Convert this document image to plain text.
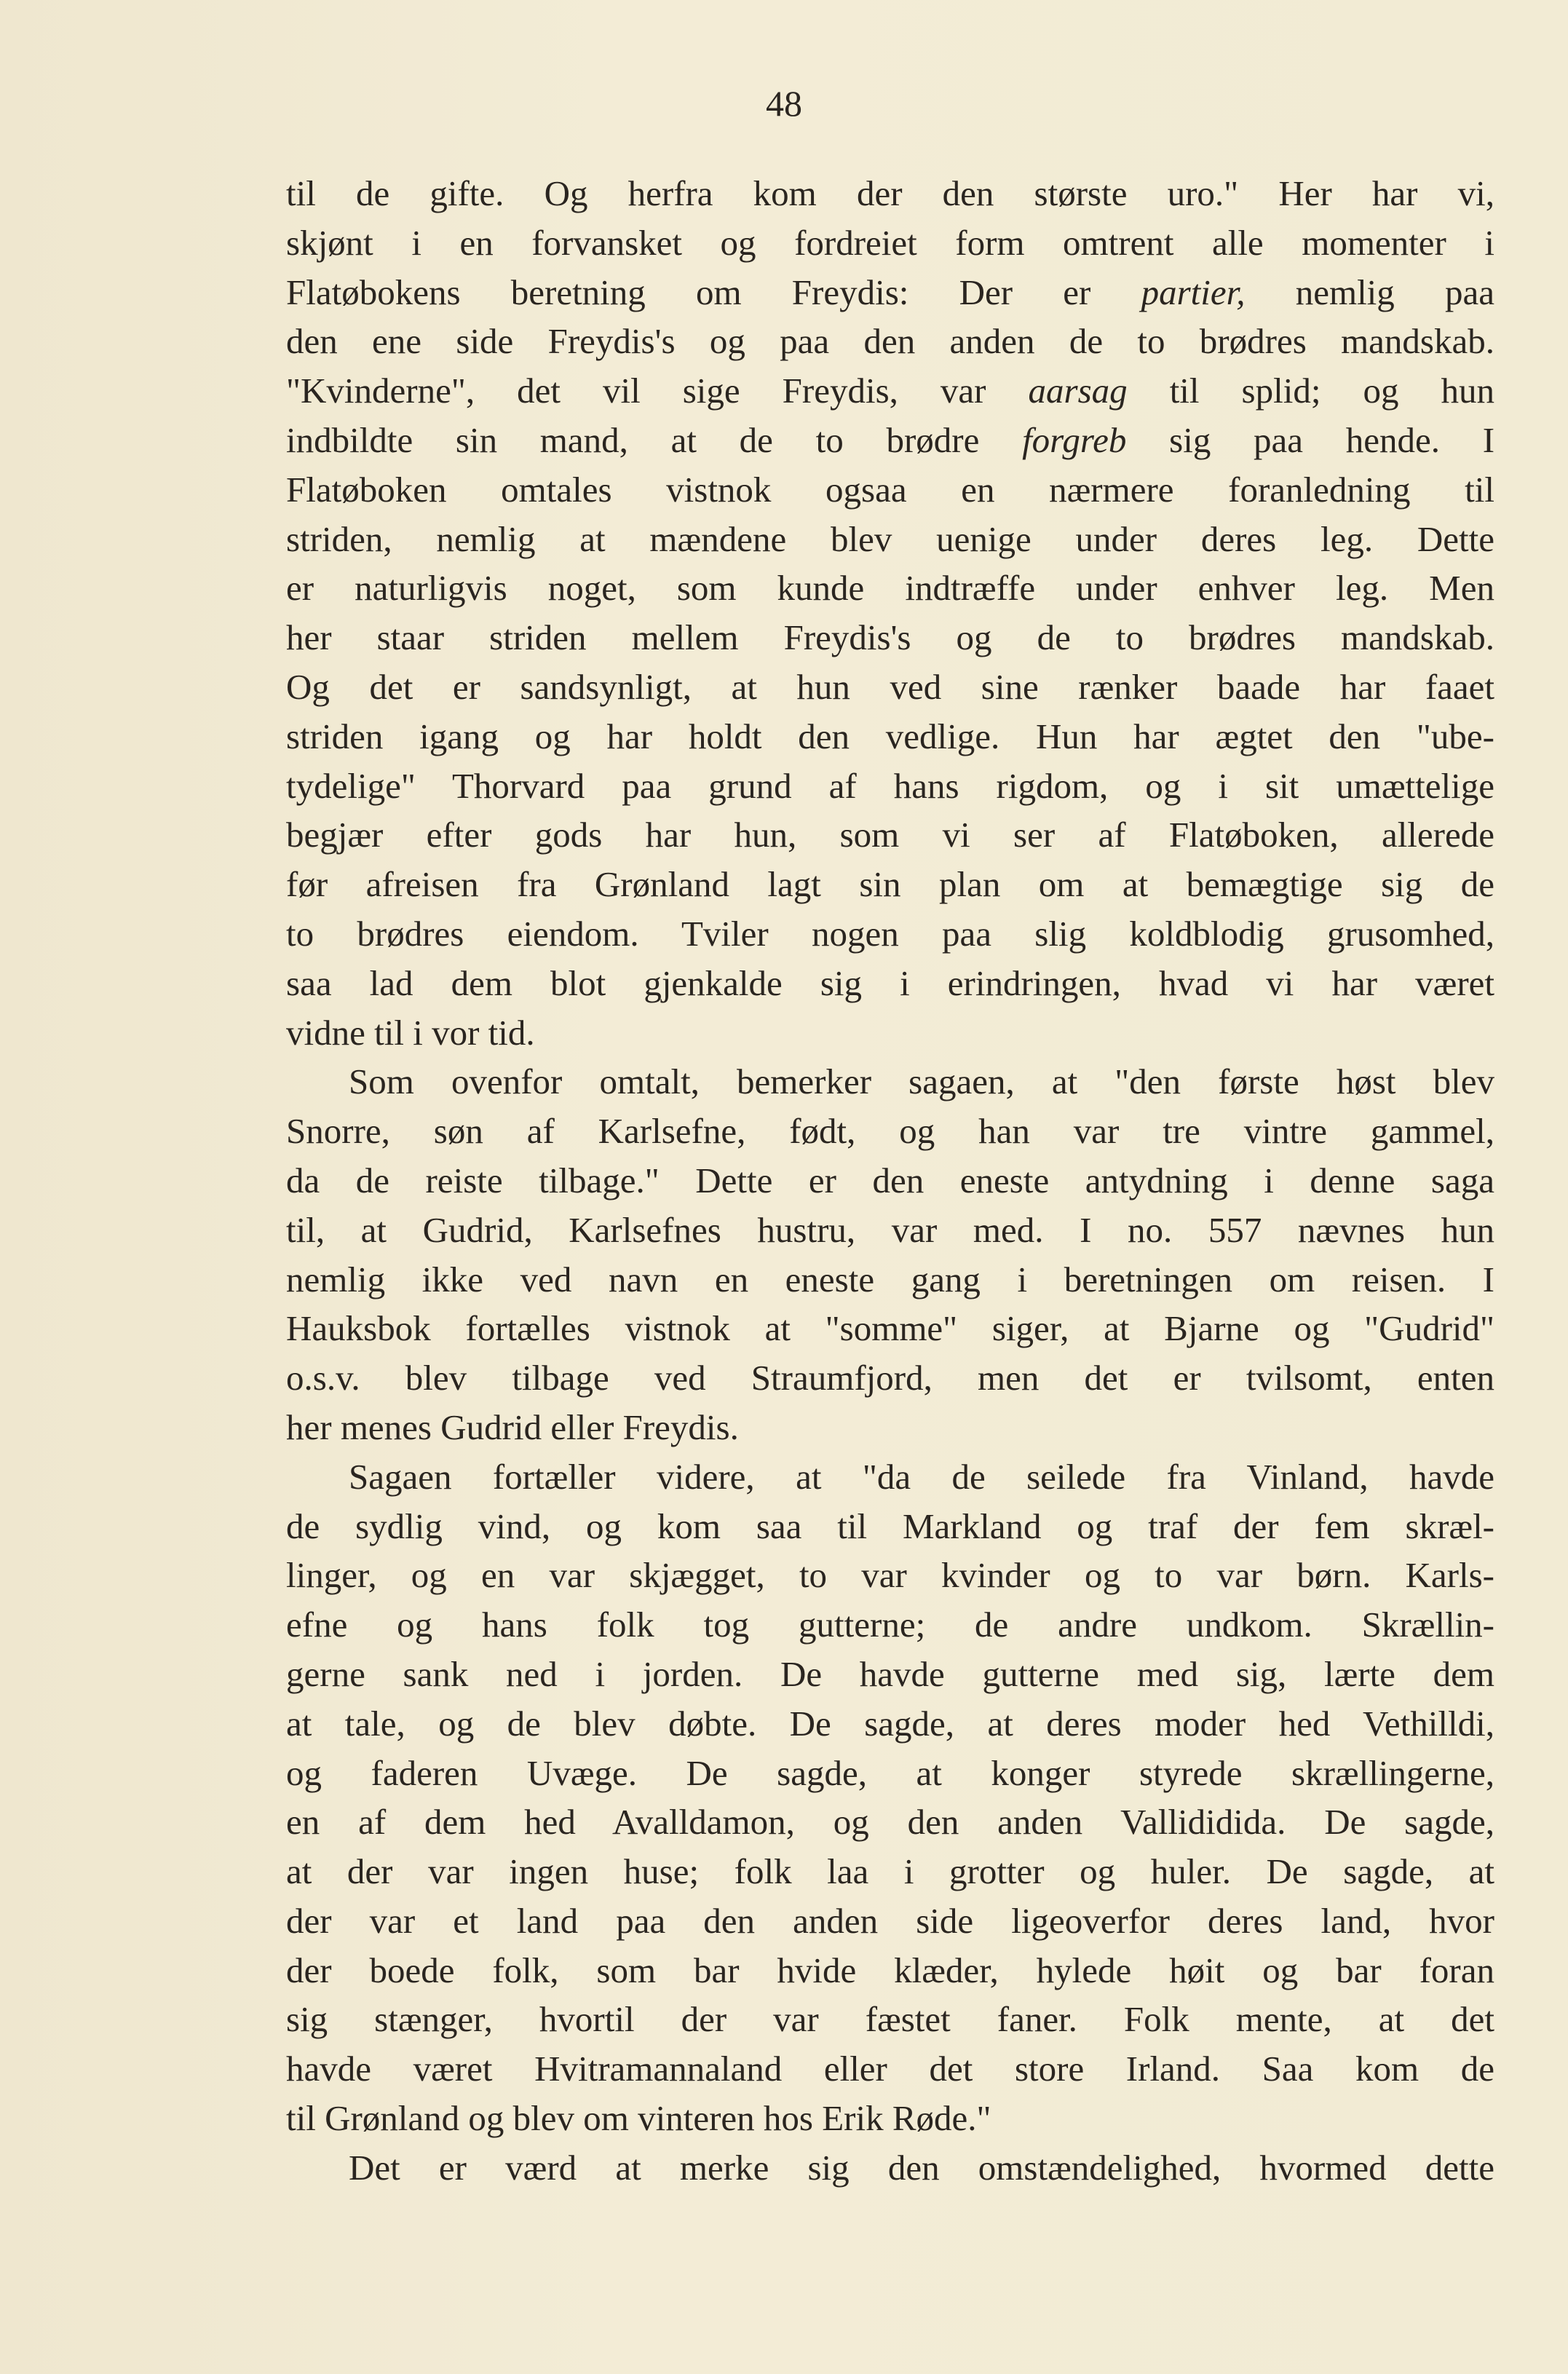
48
til de gifte. Og herfra kom der den største uro." Her har vi,
skjønt i en forvansket og fordreiet form omtrent alle momenter i
Flatøbokens beretning om Freydis: Der er partier, nemlig paa
den ene side Freydis's og paa den anden de to brødres mandskab.
"Kvinderne", det vil sige Freydis, var aarsag til splid; og hun
indbildte sin mand, at de to brødre forgreb sig paa hende. I
Flatøboken omtales vistnok ogsaa en nærmere foranledning til
striden, nemlig at mændene blev uenige under deres leg. Dette
er naturligvis noget, som kunde indtræffe under enhver leg. Men
her staar striden mellem Freydis's og de to brødres mandskab.
Og det er sandsynligt, at hun ved sine rænker baade har faaet
striden igang og har holdt den vedlige. Hun har ægtet den "ube-
tydelige" Thorvard paa grund af hans rigdom, og i sit umættelige
begjær efter gods har hun, som vi ser af Flatøboken, allerede
før afreisen fra Grønland lagt sin plan om at bemægtige sig de
to brødres eiendom. Tviler nogen paa slig koldblodig grusomhed,
saa lad dem blot gjenkalde sig i erindringen, hvad vi har været
vidne til i vor tid.
Som ovenfor omtalt, bemerker sagaen, at "den første høst blev
Snorre, søn af Karlsefne, født, og han var tre vintre gammel,
da de reiste tilbage." Dette er den eneste antydning i denne saga
til, at Gudrid, Karlsefnes hustru, var med. I no. 557 nævnes hun
nemlig ikke ved navn en eneste gang i beretningen om reisen. I
Hauksbok fortælles vistnok at "somme" siger, at Bjarne og "Gudrid"
o.s.v. blev tilbage ved Straumfjord, men det er tvilsomt, enten
her menes Gudrid eller Freydis.
Sagaen fortæller videre, at "da de seilede fra Vinland, havde
de sydlig vind, og kom saa til Markland og traf der fem skræl-
linger, og en var skjægget, to var kvinder og to var børn. Karls-
efne og hans folk tog gutterne; de andre undkom. Skrællin-
gerne sank ned i jorden. De havde gutterne med sig, lærte dem
at tale, og de blev døbte. De sagde, at deres moder hed Vethilldi,
og faderen Uvæge. De sagde, at konger styrede skrællingerne,
en af dem hed Avalldamon, og den anden Vallididida. De sagde,
at der var ingen huse; folk laa i grotter og huler. De sagde, at
der var et land paa den anden side ligeoverfor deres land, hvor
der boede folk, som bar hvide klæder, hylede høit og bar foran
sig stænger, hvortil der var fæstet faner. Folk mente, at det
havde været Hvitramannaland eller det store Irland. Saa kom de
til Grønland og blev om vinteren hos Erik Røde."
Det er værd at merke sig den omstændelighed, hvormed dette
